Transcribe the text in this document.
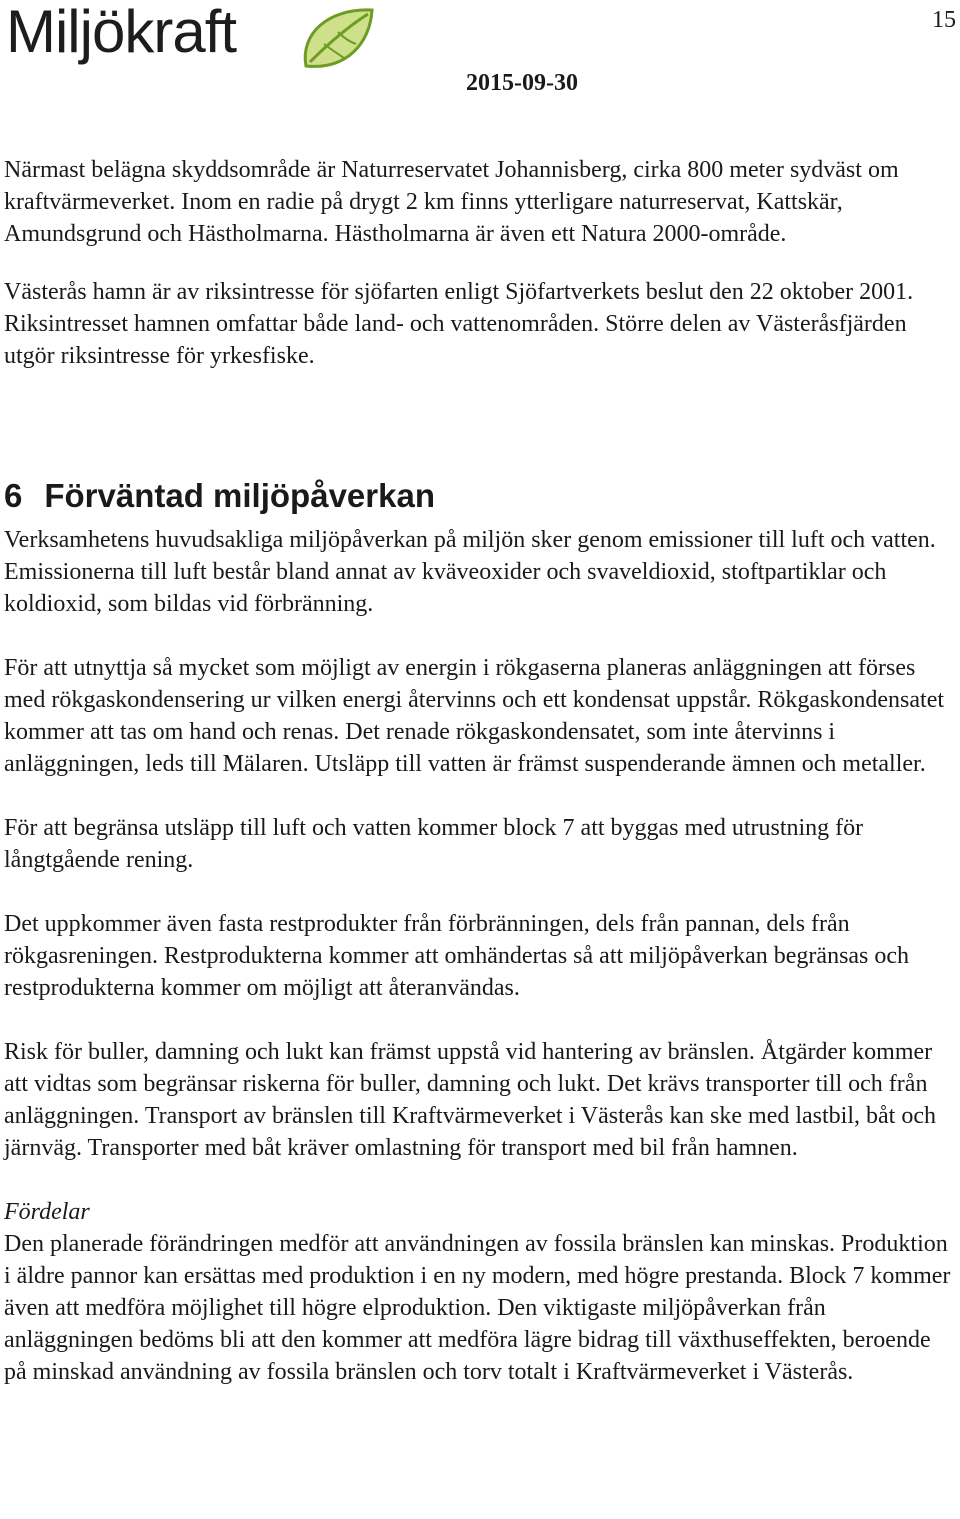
Miljökraft	15
2015-09-30

Närmast belägna skyddsområde är Naturreservatet Johannisberg, cirka 800 meter sydväst om kraftvärmeverket. Inom en radie på drygt 2 km finns ytterligare naturreservat, Kattskär, Amundsgrund och Hästholmarna. Hästholmarna är även ett Natura 2000-område.

Västerås hamn är av riksintresse för sjöfarten enligt Sjöfartverkets beslut den 22 oktober 2001. Riksintresset hamnen omfattar både land- och vattenområden. Större delen av Västeråsfjärden utgör riksintresse för yrkesfiske.

6 Förväntad miljöpåverkan

Verksamhetens huvudsakliga miljöpåverkan på miljön sker genom emissioner till luft och vatten. Emissionerna till luft består bland annat av kväveoxider och svaveldioxid, stoftpartiklar och koldioxid, som bildas vid förbränning.

För att utnyttja så mycket som möjligt av energin i rökgaserna planeras anläggningen att förses med rökgaskondensering ur vilken energi återvinns och ett kondensat uppstår. Rökgaskondensatet kommer att tas om hand och renas. Det renade rökgaskondensatet, som inte återvinns i anläggningen, leds till Mälaren. Utsläpp till vatten är främst suspenderande ämnen och metaller.

För att begränsa utsläpp till luft och vatten kommer block 7 att byggas med utrustning för långtgående rening.

Det uppkommer även fasta restprodukter från förbränningen, dels från pannan, dels från rökgasreningen. Restprodukterna kommer att omhändertas så att miljöpåverkan begränsas och restprodukterna kommer om möjligt att återanvändas.

Risk för buller, damning och lukt kan främst uppstå vid hantering av bränslen. Åtgärder kommer att vidtas som begränsar riskerna för buller, damning och lukt. Det krävs transporter till och från anläggningen. Transport av bränslen till Kraftvärmeverket i Västerås kan ske med lastbil, båt och järnväg. Transporter med båt kräver omlastning för transport med bil från hamnen.

Fördelar

Den planerade förändringen medför att användningen av fossila bränslen kan minskas. Produktion i äldre pannor kan ersättas med produktion i en ny modern, med högre prestanda. Block 7 kommer även att medföra möjlighet till högre elproduktion. Den viktigaste miljöpåverkan från anläggningen bedöms bli att den kommer att medföra lägre bidrag till växthuseffekten, beroende på minskad användning av fossila bränslen och torv totalt i Kraftvärmeverket i Västerås.
